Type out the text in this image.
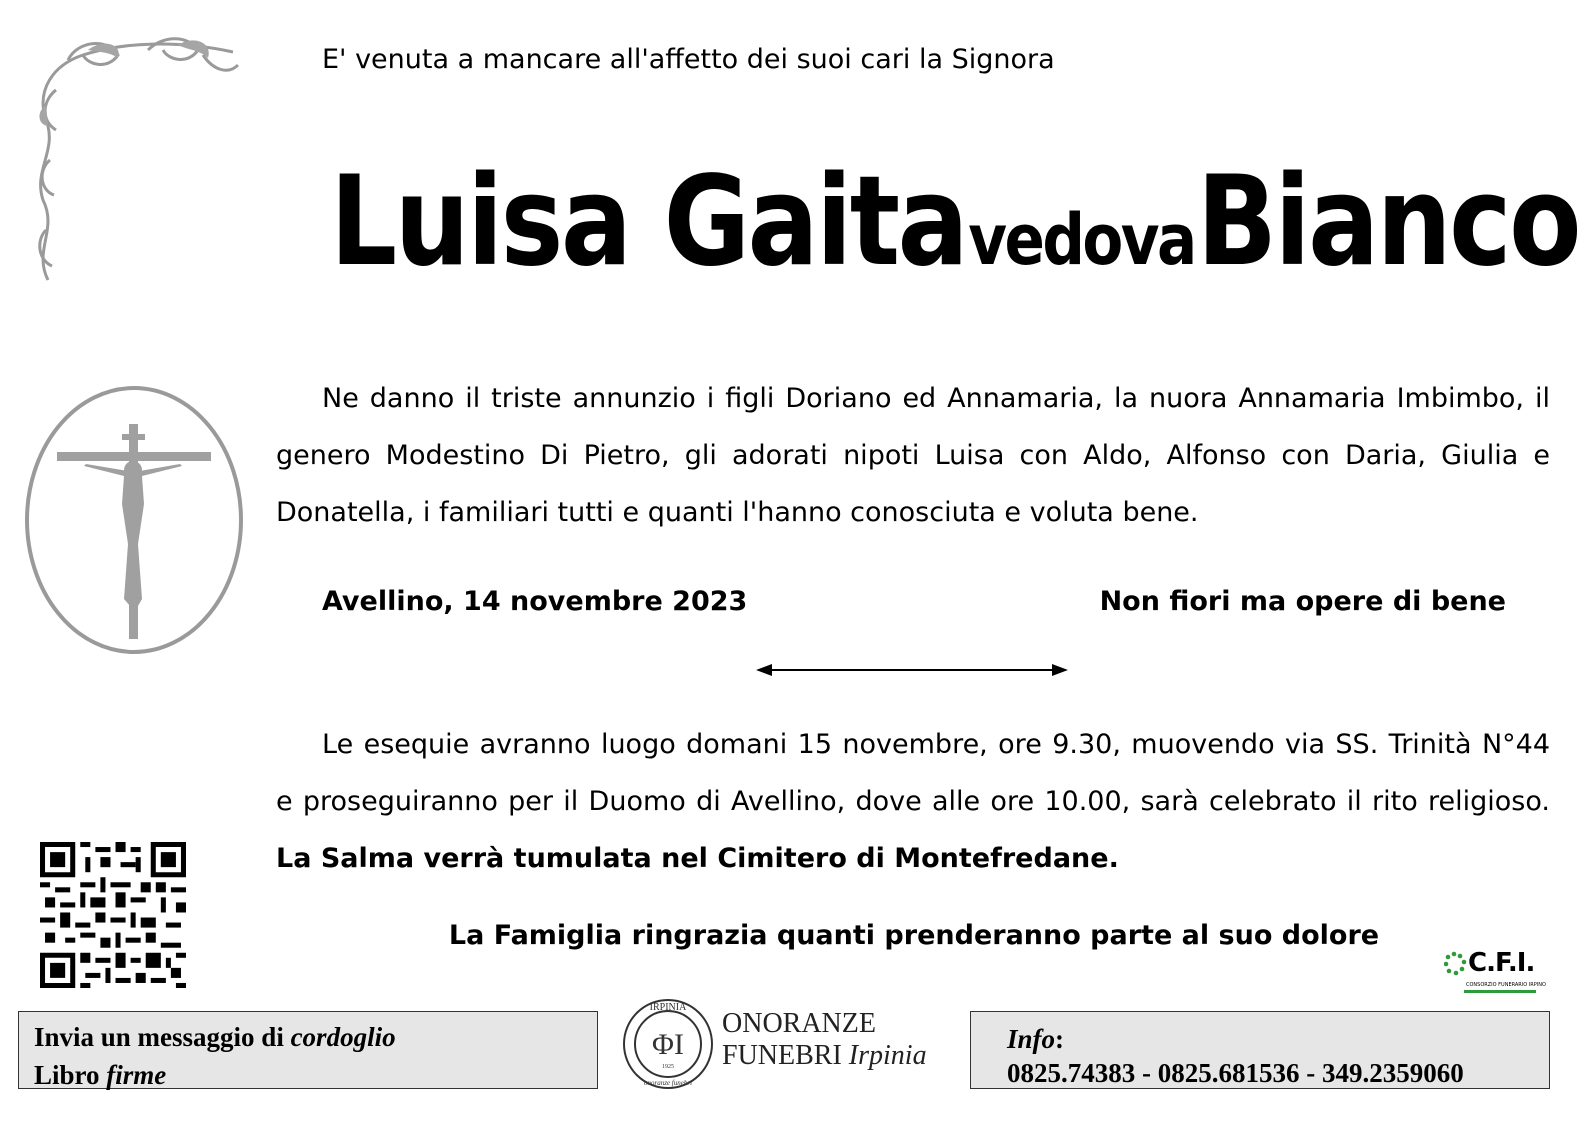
E' venuta a mancare all'affetto dei suoi cari la Signora
Luisa Gaita vedova Bianco
Ne danno il triste annunzio i figli Doriano ed Annamaria, la nuora Annamaria Imbimbo, il genero Modestino Di Pietro, gli adorati nipoti Luisa con Aldo, Alfonso con Daria, Giulia e Donatella, i familiari tutti e quanti l'hanno conosciuta e voluta bene.
Avellino, 14 novembre 2023	Non fiori ma opere di bene
Le esequie avranno luogo domani 15 novembre, ore 9.30, muovendo via SS. Trinità N°44 e proseguiranno per il Duomo di Avellino, dove alle ore 10.00, sarà celebrato il rito religioso. La Salma verrà tumulata nel Cimitero di Montefredane.
La Famiglia ringrazia quanti prenderanno parte al suo dolore
C.F.I.
CONSORZIO FUNERARIO IRPINO
Invia un messaggio di cordoglio
Libro firme
IRPINIA
ΦΙ
1925
onoranze funebri
ONORANZE
FUNEBRI Irpinia
Info:
0825.74383 - 0825.681536 - 349.2359060
